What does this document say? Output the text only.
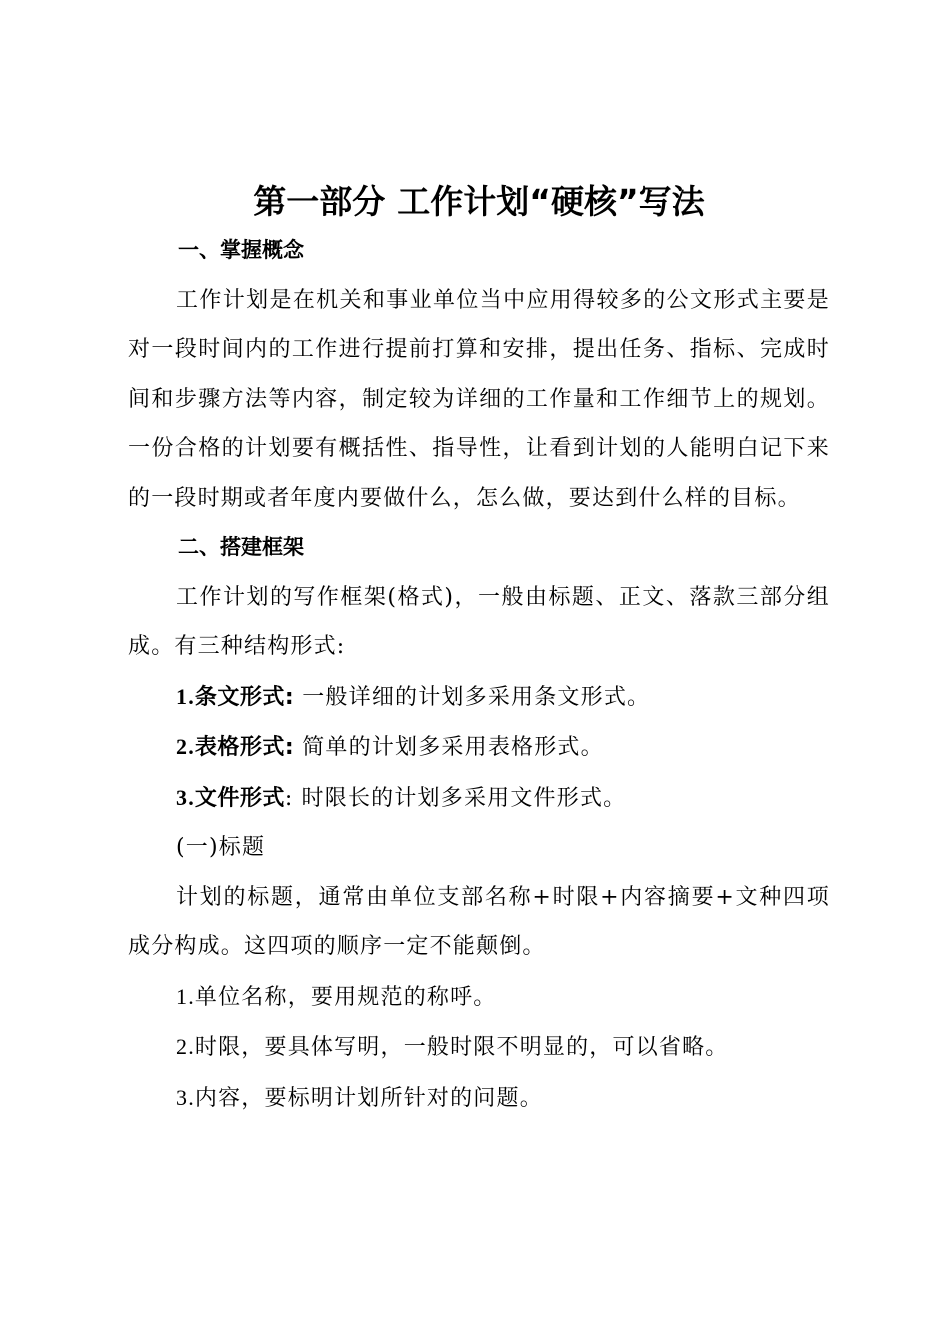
第一部分 工作计划“硬核”写法

一、掌握概念

工作计划是在机关和事业单位当中应用得较多的公文形式主要是对一段时间内的工作进行提前打算和安排，提出任务、指标、完成时间和步骤方法等内容，制定较为详细的工作量和工作细节上的规划。一份合格的计划要有概括性、指导性，让看到计划的人能明白记下来的一段时期或者年度内要做什么，怎么做，要达到什么样的目标。

二、搭建框架

工作计划的写作框架(格式)，一般由标题、正文、落款三部分组成。有三种结构形式:

1.条文形式: 一般详细的计划多采用条文形式。

2.表格形式: 简单的计划多采用表格形式。

3.文件形式: 时限长的计划多采用文件形式。

(一)标题

计划的标题，通常由单位支部名称+时限+内容摘要+文种四项成分构成。这四项的顺序一定不能颠倒。

1.单位名称，要用规范的称呼。

2.时限，要具体写明，一般时限不明显的，可以省略。

3.内容，要标明计划所针对的问题。
